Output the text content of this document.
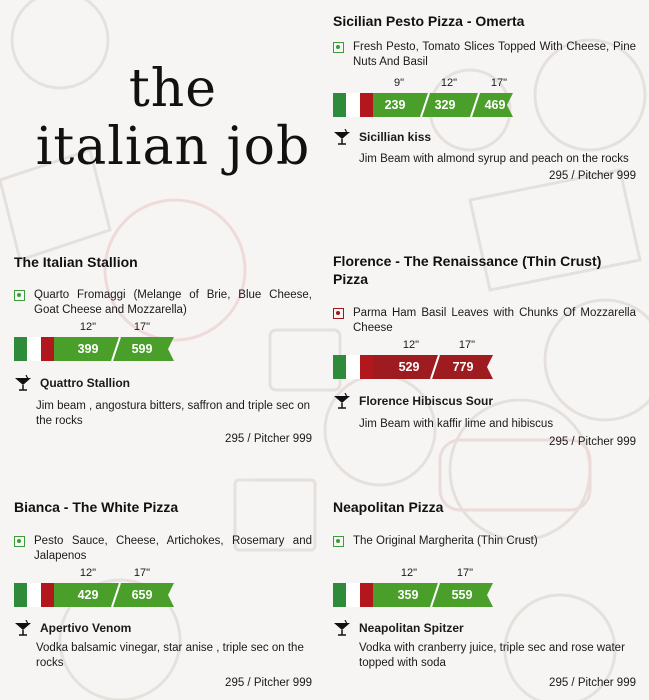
the
italian job
Sicilian Pesto Pizza - Omerta
Fresh Pesto, Tomato Slices Topped With Cheese, Pine Nuts And Basil
9"	12"	17"
239	329	469
Sicillian kiss
Jim Beam with almond syrup and peach on the rocks
295 / Pitcher 999
The Italian Stallion
Quarto Fromaggi (Melange of Brie, Blue Cheese, Goat Cheese and Mozzarella)
12"	17"
399	599
Quattro Stallion
Jim beam , angostura bitters, saffron and triple sec on the rocks
295 / Pitcher 999
Florence - The Renaissance (Thin Crust) Pizza
Parma Ham Basil Leaves with Chunks Of Mozzarella Cheese
12"	17"
529	779
Florence Hibiscus Sour
Jim Beam with kaffir lime and hibiscus
295 / Pitcher 999
Bianca - The White Pizza
Pesto Sauce, Cheese, Artichokes, Rosemary and Jalapenos
12"	17"
429	659
Apertivo Venom
Vodka balsamic vinegar, star anise , triple sec on the rocks
295 / Pitcher 999
Neapolitan Pizza
The Original Margherita (Thin Crust)
12"	17"
359	559
Neapolitan Spitzer
Vodka with cranberry juice, triple sec and rose water topped with soda
295 / Pitcher 999
